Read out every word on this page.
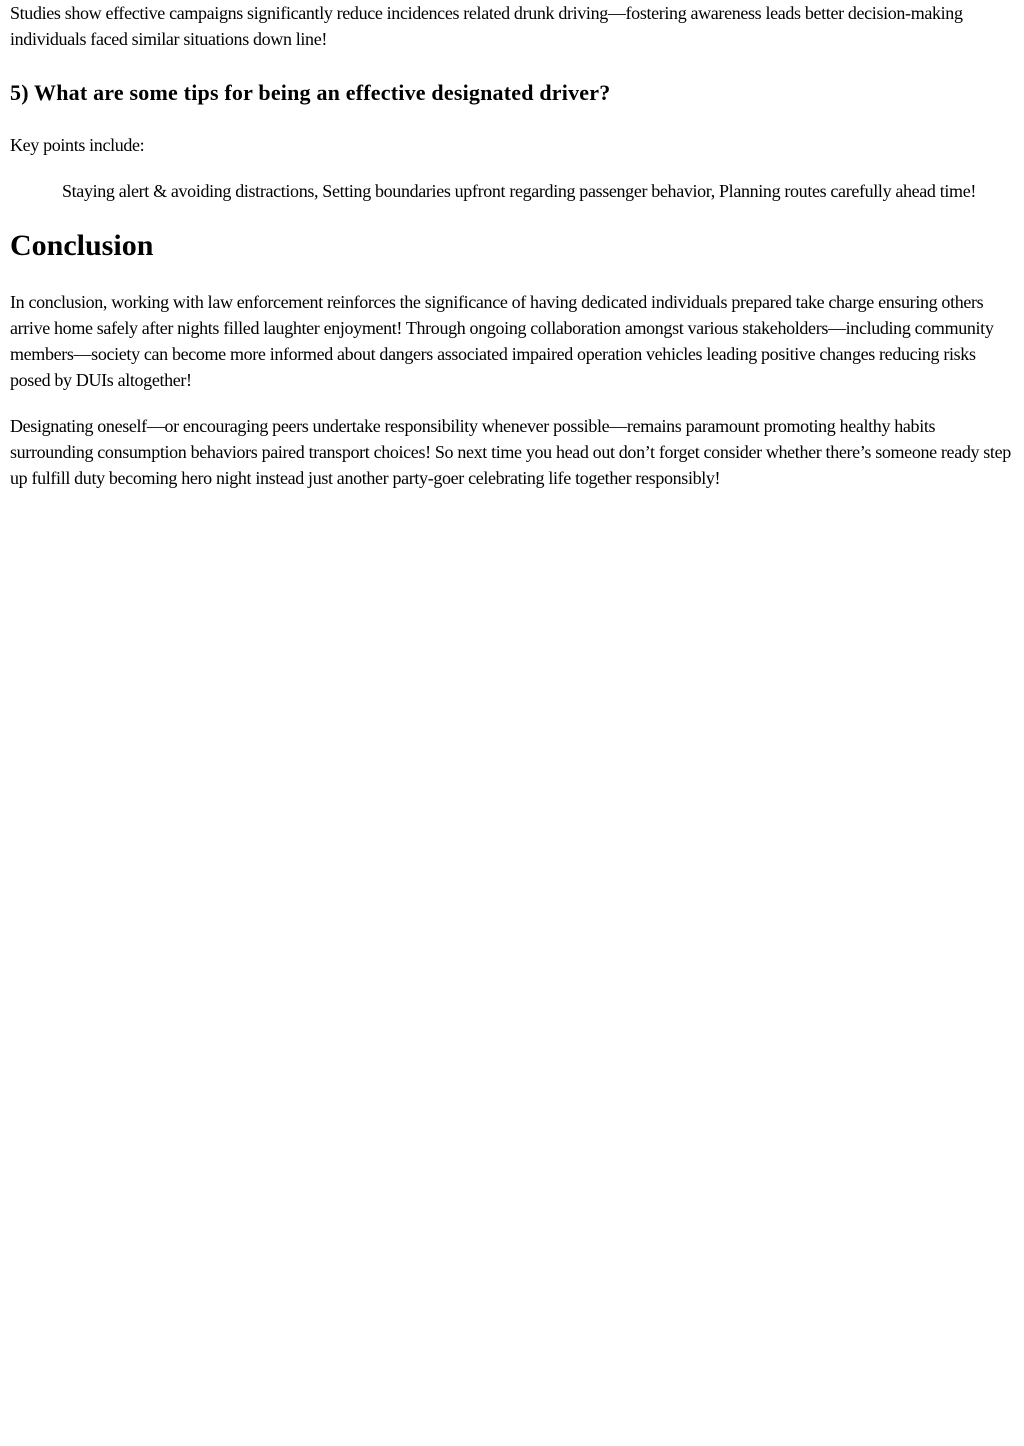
Studies show effective campaigns significantly reduce incidences related drunk driving—fostering awareness leads better decision-making individuals faced similar situations down line!

5) What are some tips for being an effective designated driver?

Key points include:

Staying alert & avoiding distractions, Setting boundaries upfront regarding passenger behavior, Planning routes carefully ahead time!
Conclusion

In conclusion, working with law enforcement reinforces the significance of having dedicated individuals prepared take charge ensuring others arrive home safely after nights filled laughter enjoyment! Through ongoing collaboration amongst various stakeholders—including community members—society can become more informed about dangers associated impaired operation vehicles leading positive changes reducing risks posed by DUIs altogether!

Designating oneself—or encouraging peers undertake responsibility whenever possible—remains paramount promoting healthy habits surrounding consumption behaviors paired transport choices! So next time you head out don’t forget consider whether there’s someone ready step up fulfill duty becoming hero night instead just another party-goer celebrating life together responsibly!
